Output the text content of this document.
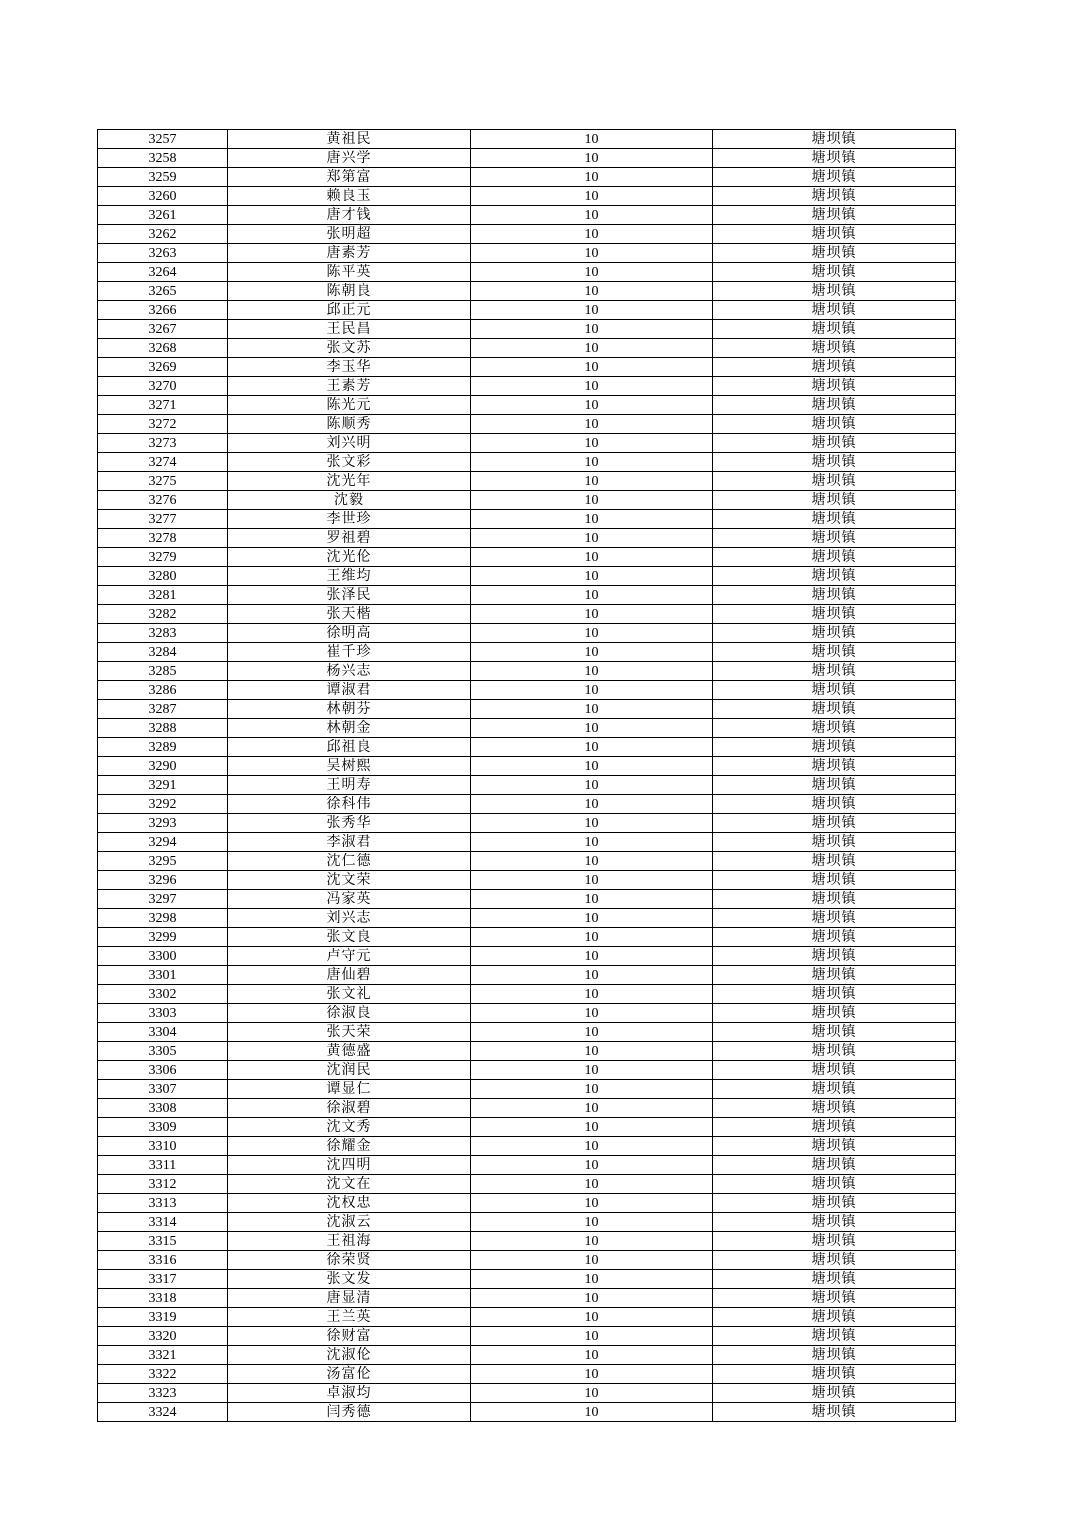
3257	黄祖民	10	塘坝镇
3258	唐兴学	10	塘坝镇
3259	郑第富	10	塘坝镇
3260	赖良玉	10	塘坝镇
3261	唐才钱	10	塘坝镇
3262	张明超	10	塘坝镇
3263	唐素芳	10	塘坝镇
3264	陈平英	10	塘坝镇
3265	陈朝良	10	塘坝镇
3266	邱正元	10	塘坝镇
3267	王民昌	10	塘坝镇
3268	张文苏	10	塘坝镇
3269	李玉华	10	塘坝镇
3270	王素芳	10	塘坝镇
3271	陈光元	10	塘坝镇
3272	陈顺秀	10	塘坝镇
3273	刘兴明	10	塘坝镇
3274	张文彩	10	塘坝镇
3275	沈光年	10	塘坝镇
3276	沈毅	10	塘坝镇
3277	李世珍	10	塘坝镇
3278	罗祖碧	10	塘坝镇
3279	沈光伦	10	塘坝镇
3280	王维均	10	塘坝镇
3281	张泽民	10	塘坝镇
3282	张天楷	10	塘坝镇
3283	徐明高	10	塘坝镇
3284	崔千珍	10	塘坝镇
3285	杨兴志	10	塘坝镇
3286	谭淑君	10	塘坝镇
3287	林朝芬	10	塘坝镇
3288	林朝金	10	塘坝镇
3289	邱祖良	10	塘坝镇
3290	吴树熙	10	塘坝镇
3291	王明寿	10	塘坝镇
3292	徐科伟	10	塘坝镇
3293	张秀华	10	塘坝镇
3294	李淑君	10	塘坝镇
3295	沈仁德	10	塘坝镇
3296	沈文荣	10	塘坝镇
3297	冯家英	10	塘坝镇
3298	刘兴志	10	塘坝镇
3299	张文良	10	塘坝镇
3300	卢守元	10	塘坝镇
3301	唐仙碧	10	塘坝镇
3302	张文礼	10	塘坝镇
3303	徐淑良	10	塘坝镇
3304	张天荣	10	塘坝镇
3305	黄德盛	10	塘坝镇
3306	沈润民	10	塘坝镇
3307	谭显仁	10	塘坝镇
3308	徐淑碧	10	塘坝镇
3309	沈文秀	10	塘坝镇
3310	徐耀金	10	塘坝镇
3311	沈四明	10	塘坝镇
3312	沈文在	10	塘坝镇
3313	沈权忠	10	塘坝镇
3314	沈淑云	10	塘坝镇
3315	王祖海	10	塘坝镇
3316	徐荣贤	10	塘坝镇
3317	张文发	10	塘坝镇
3318	唐显清	10	塘坝镇
3319	王兰英	10	塘坝镇
3320	徐财富	10	塘坝镇
3321	沈淑伦	10	塘坝镇
3322	汤富伦	10	塘坝镇
3323	卓淑均	10	塘坝镇
3324	闫秀德	10	塘坝镇
